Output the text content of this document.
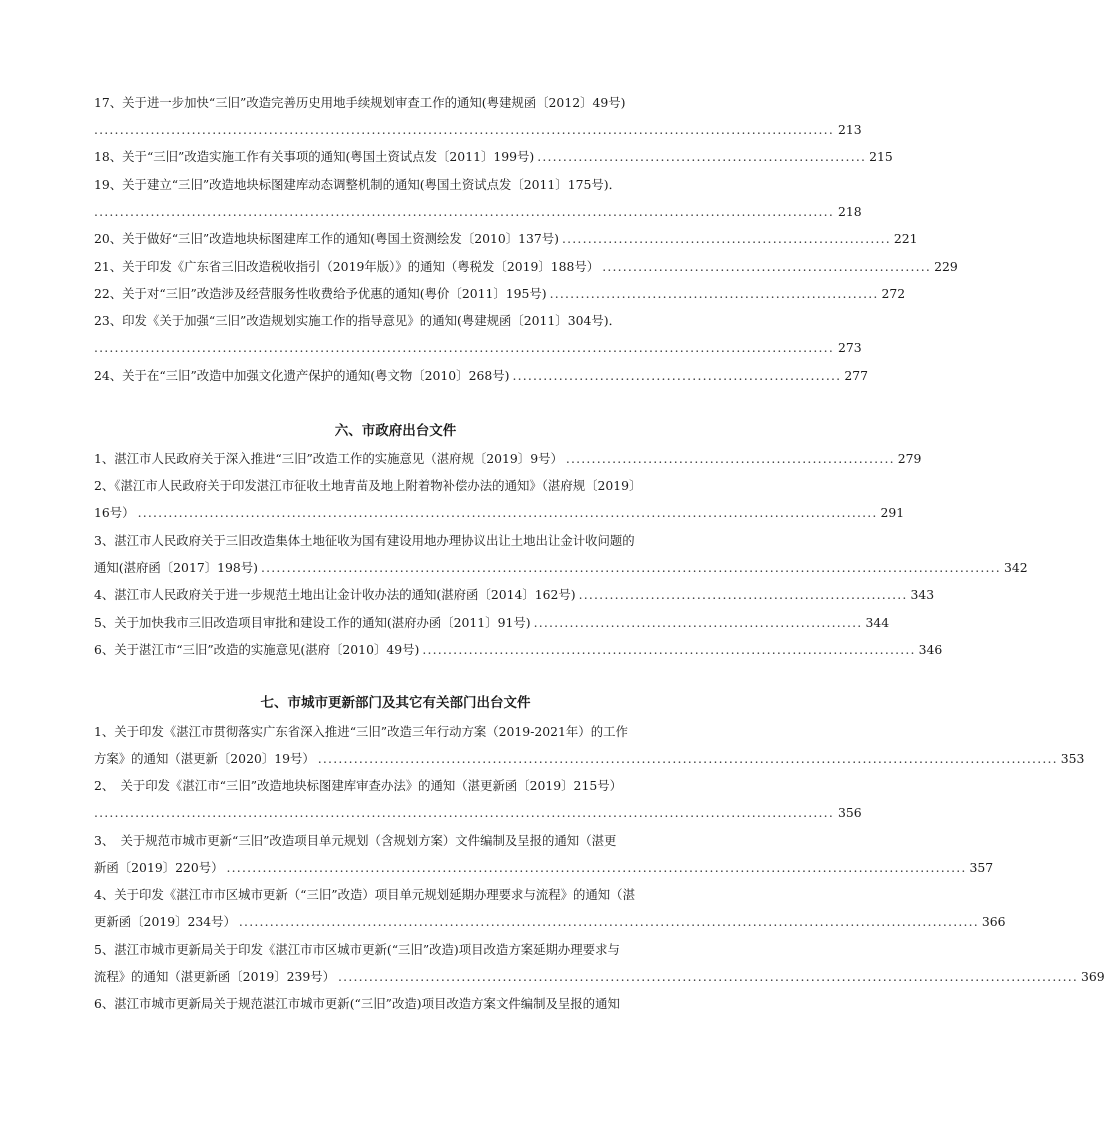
17、关于进一步加快“三旧”改造完善历史用地手续规划审查工作的通知(粤建规函〔2012〕49号)
................................................................................................................................................ 213
18、关于“三旧”改造实施工作有关事项的通知(粤国土资试点发〔2011〕199号) ................................................................ 215
19、关于建立“三旧”改造地块标图建库动态调整机制的通知(粤国土资试点发〔2011〕175号)．
................................................................................................................................................ 218
20、关于做好“三旧”改造地块标图建库工作的通知(粤国土资测绘发〔2010〕137号) ................................................................ 221
21、关于印发《广东省三旧改造税收指引（2019年版）》的通知（粤税发〔2019〕188号） ................................................................ 229
22、关于对“三旧”改造涉及经营服务性收费给予优惠的通知(粤价〔2011〕195号) ................................................................ 272
23、印发《关于加强“三旧”改造规划实施工作的指导意见》的通知(粤建规函〔2011〕304号)．
................................................................................................................................................ 273
24、关于在“三旧”改造中加强文化遗产保护的通知(粤文物〔2010〕268号) ................................................................ 277
六、市政府出台文件
1、湛江市人民政府关于深入推进“三旧”改造工作的实施意见（湛府规〔2019〕9号） ................................................................ 279
2、《湛江市人民政府关于印发湛江市征收土地青苗及地上附着物补偿办法的通知》（湛府规〔2019〕
16号） ................................................................................................................................................ 291
3、湛江市人民政府关于三旧改造集体土地征收为国有建设用地办理协议出让土地出让金计收问题的
通知(湛府函〔2017〕198号) ................................................................................................................................................ 342
4、湛江市人民政府关于进一步规范土地出让金计收办法的通知(湛府函〔2014〕162号) ................................................................ 343
5、关于加快我市三旧改造项目审批和建设工作的通知(湛府办函〔2011〕91号) ................................................................ 344
6、关于湛江市“三旧”改造的实施意见(湛府〔2010〕49号) ................................................................................................ 346
七、市城市更新部门及其它有关部门出台文件
1、关于印发《湛江市贯彻落实广东省深入推进“三旧”改造三年行动方案（2019-2021年）的工作
方案》的通知（湛更新〔2020〕19号） ................................................................................................................................................ 353
2、　关于印发《湛江市“三旧”改造地块标图建库审查办法》的通知（湛更新函〔2019〕215号）
................................................................................................................................................ 356
3、　关于规范市城市更新“三旧”改造项目单元规划（含规划方案）文件编制及呈报的通知（湛更
新函〔2019〕220号） ................................................................................................................................................ 357
4、关于印发《湛江市市区城市更新（“三旧”改造）项目单元规划延期办理要求与流程》的通知（湛
更新函〔2019〕234号） ................................................................................................................................................ 366
5、湛江市城市更新局关于印发《湛江市市区城市更新(“三旧”改造)项目改造方案延期办理要求与
流程》的通知（湛更新函〔2019〕239号） ................................................................................................................................................ 369
6、湛江市城市更新局关于规范湛江市城市更新(“三旧”改造)项目改造方案文件编制及呈报的通知
